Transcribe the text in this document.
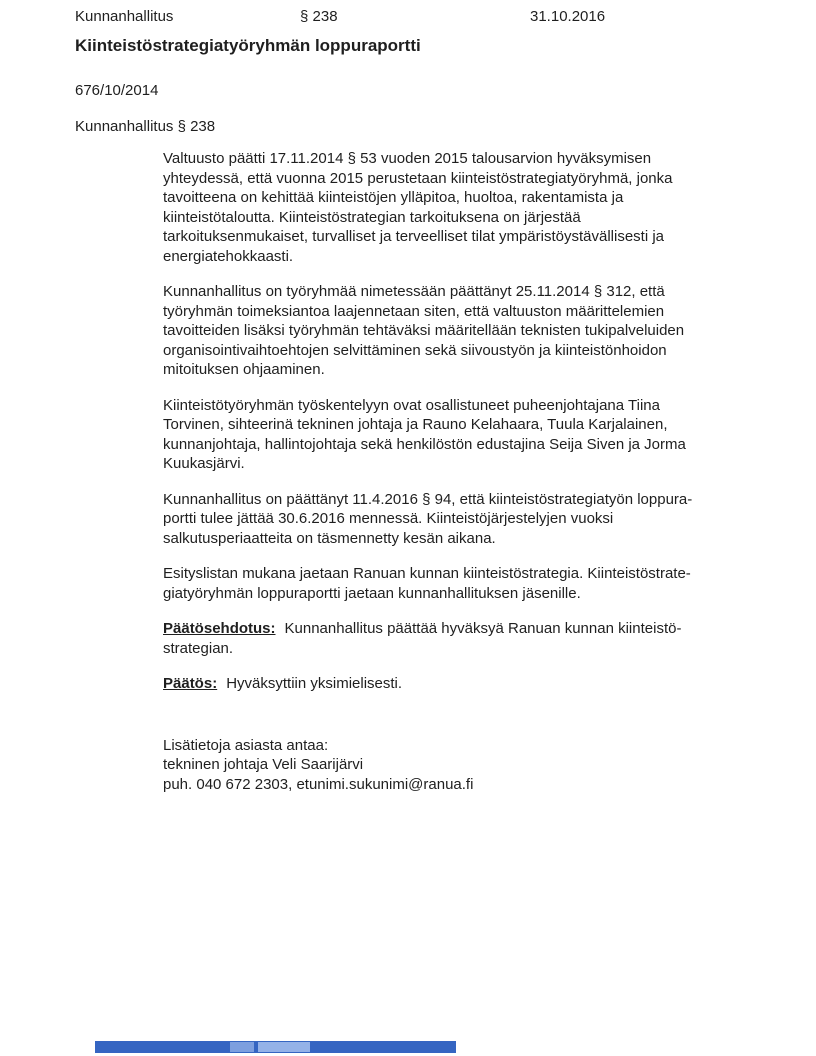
Kunnanhallitus	§ 238	31.10.2016
Kiinteistöstrategiatyöryhmän loppuraportti
676/10/2014
Kunnanhallitus § 238

Valtuusto päätti 17.11.2014 § 53 vuoden 2015 talousarvion hyväksymisen
yhteydessä, että vuonna 2015 perustetaan kiinteistöstrategiatyöryhmä, jonka
tavoitteena on kehittää kiinteistöjen ylläpitoa, huoltoa, rakentamista ja
kiinteistötaloutta. Kiinteistöstrategian tarkoituksena on järjestää
tarkoituksenmukaiset, turvalliset ja terveelliset tilat ympäristöystävällisesti ja
energiatehokkaasti.

Kunnanhallitus on työryhmää nimetessään päättänyt 25.11.2014 § 312, että
työryhmän toimeksiantoa laajennetaan siten, että valtuuston määrittelemien
tavoitteiden lisäksi työryhmän tehtäväksi määritellään teknisten tukipalveluiden
organisointivaihtoehtojen selvittäminen sekä siivoustyön ja kiinteistönhoidon
mitoituksen ohjaaminen.

Kiinteistötyöryhmän työskentelyyn ovat osallistuneet puheenjohtajana Tiina
Torvinen, sihteerinä tekninen johtaja ja Rauno Kelahaara, Tuula Karjalainen,
kunnanjohtaja, hallintojohtaja sekä henkilöstön edustajina Seija Siven ja Jorma
Kuukasjärvi.

Kunnanhallitus on päättänyt 11.4.2016 § 94, että kiinteistöstrategiatyön loppura-
portti tulee jättää 30.6.2016 mennessä. Kiinteistöjärjestelyjen vuoksi
salkutusperiaatteita on täsmennetty kesän aikana.

Esityslistan mukana jaetaan Ranuan kunnan kiinteistöstrategia. Kiinteistöstrate-
giatyöryhmän loppuraportti jaetaan kunnanhallituksen jäsenille.

Päätösehdotus: Kunnanhallitus päättää hyväksyä Ranuan kunnan kiinteistö-
strategian.

Päätös: Hyväksyttiin yksimielisesti.

Lisätietoja asiasta antaa:
tekninen johtaja Veli Saarijärvi
puh. 040 672 2303, etunimi.sukunimi@ranua.fi
